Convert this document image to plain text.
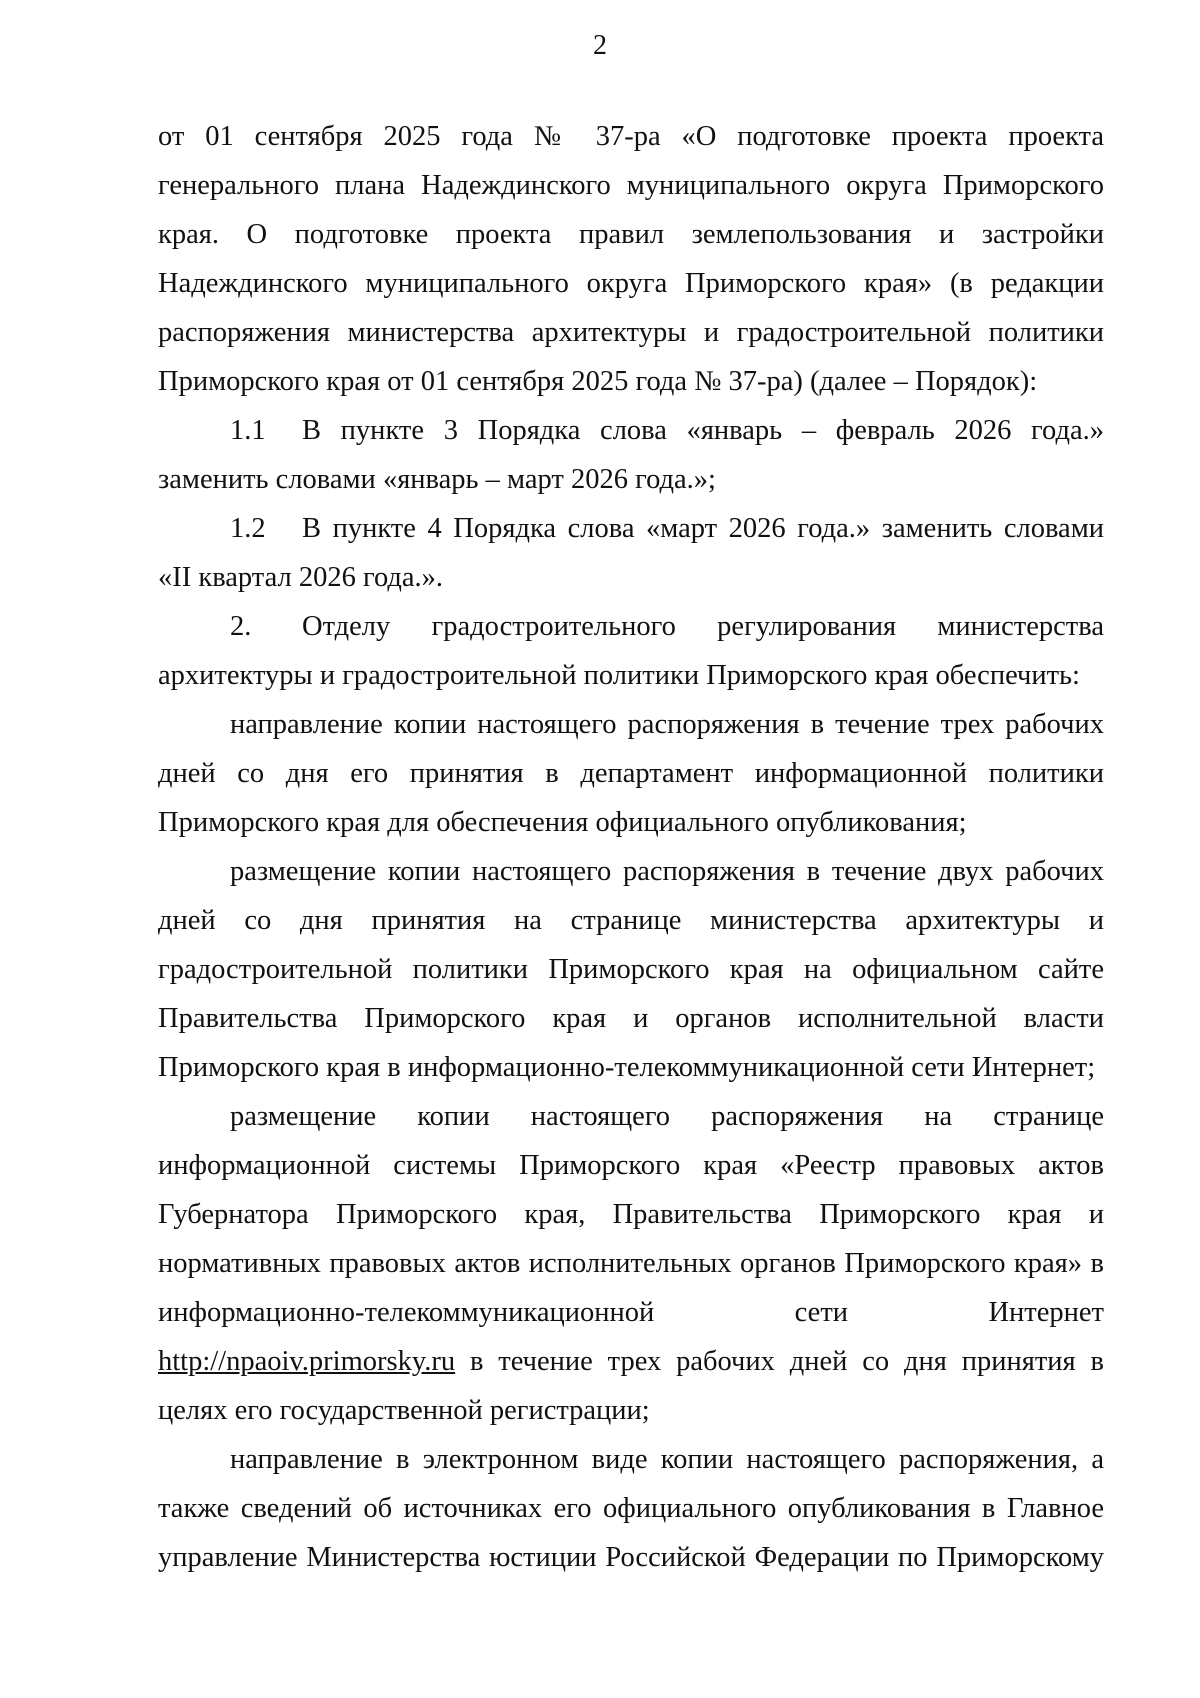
2

от 01 сентября 2025 года № 37-ра «О подготовке проекта проекта генерального плана Надеждинского муниципального округа Приморского края. О подготовке проекта правил землепользования и застройки Надеждинского муниципального округа Приморского края» (в редакции распоряжения министерства архитектуры и градостроительной политики Приморского края от 01 сентября 2025 года № 37-ра) (далее – Порядок):

1.1 В пункте 3 Порядка слова «январь – февраль 2026 года.» заменить словами «январь – март 2026 года.»;

1.2 В пункте 4 Порядка слова «март 2026 года.» заменить словами «II квартал 2026 года.».

2. Отделу градостроительного регулирования министерства архитектуры и градостроительной политики Приморского края обеспечить:

направление копии настоящего распоряжения в течение трех рабочих дней со дня его принятия в департамент информационной политики Приморского края для обеспечения официального опубликования;

размещение копии настоящего распоряжения в течение двух рабочих дней со дня принятия на странице министерства архитектуры и градостроительной политики Приморского края на официальном сайте Правительства Приморского края и органов исполнительной власти Приморского края в информационно-телекоммуникационной сети Интернет;

размещение копии настоящего распоряжения на странице информационной системы Приморского края «Реестр правовых актов Губернатора Приморского края, Правительства Приморского края и нормативных правовых актов исполнительных органов Приморского края» в информационно-телекоммуникационной сети Интернет http://npaoiv.primorsky.ru в течение трех рабочих дней со дня принятия в целях его государственной регистрации;

направление в электронном виде копии настоящего распоряжения, а также сведений об источниках его официального опубликования в Главное управление Министерства юстиции Российской Федерации по Приморскому
